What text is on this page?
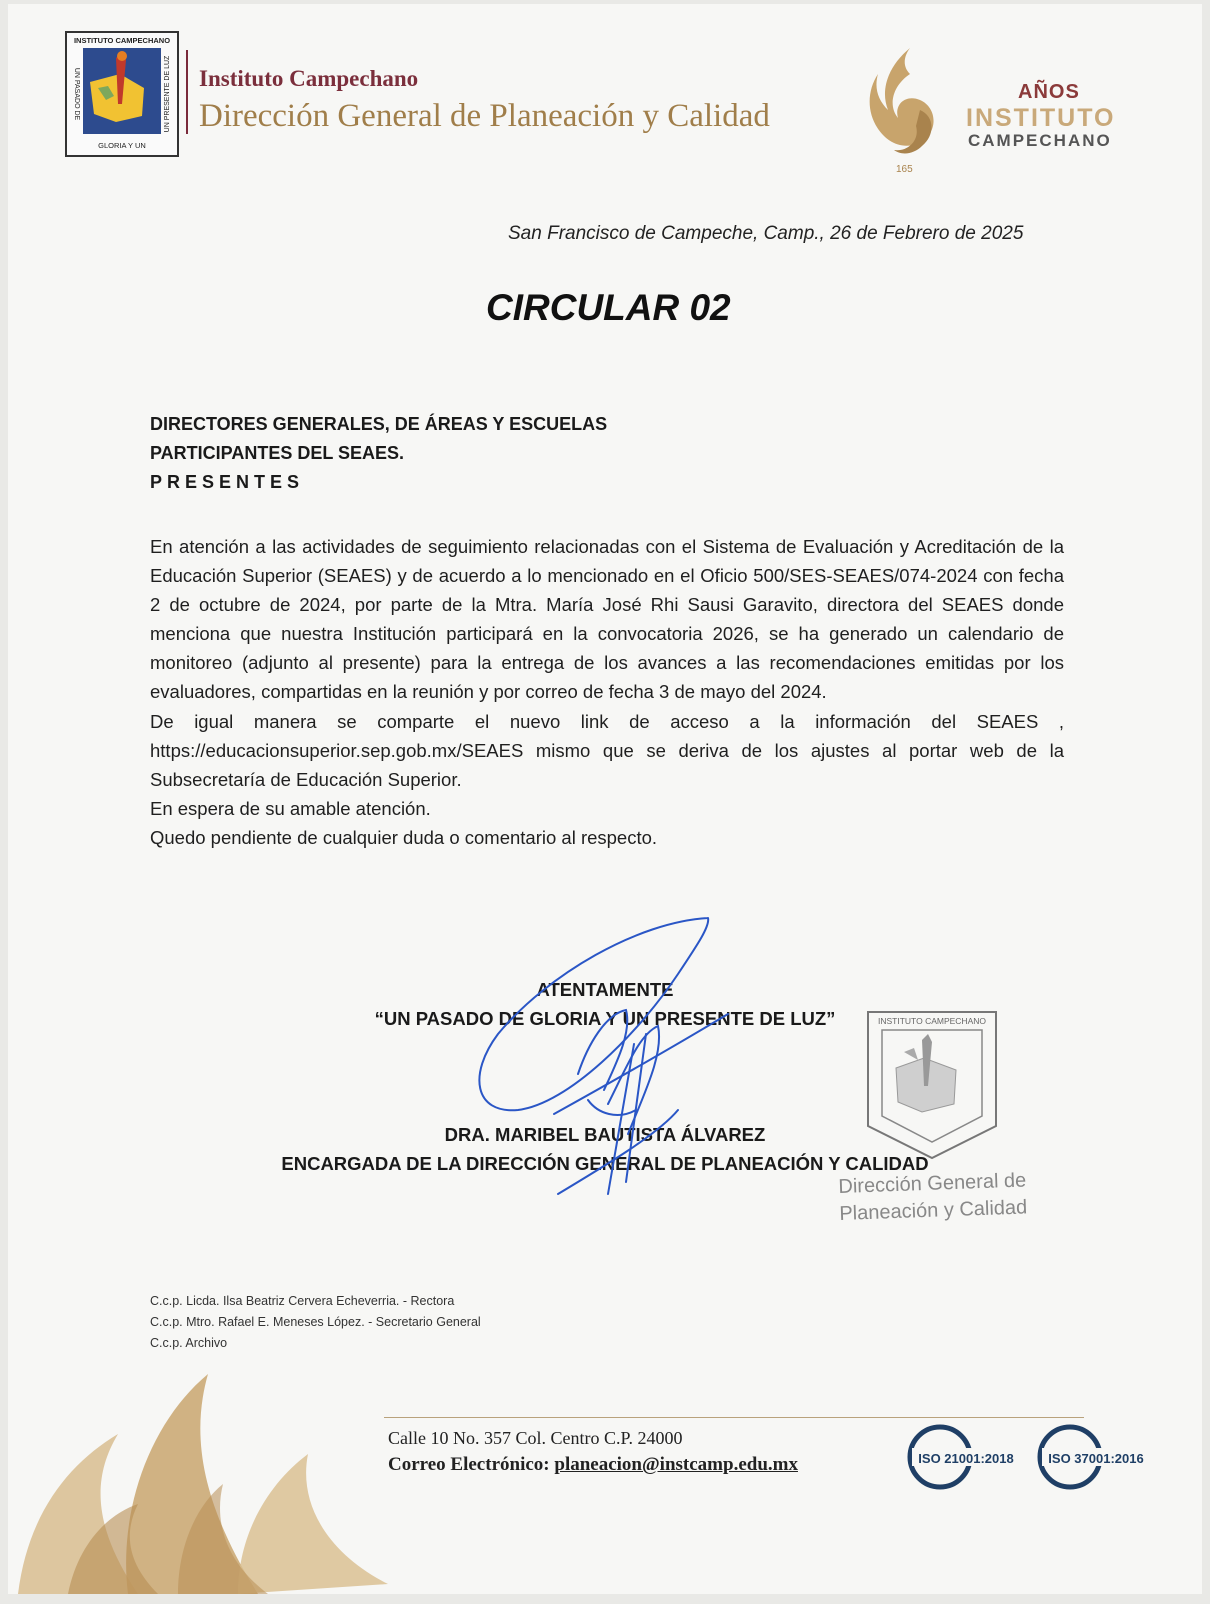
INSTITUTO CAMPECHANO
UN PASADO DE	UN PRESENTE DE LUZ
GLORIA Y UN
Instituto Campechano
Dirección General de Planeación y Calidad
165
AÑOS
INSTITUTO
CAMPECHANO
San Francisco de Campeche, Camp., 26 de Febrero de 2025
CIRCULAR 02
DIRECTORES GENERALES, DE ÁREAS Y ESCUELAS
PARTICIPANTES DEL SEAES.
PRESENTES

En atención a las actividades de seguimiento relacionadas con el Sistema de Evaluación y Acreditación de la Educación Superior (SEAES) y de acuerdo a lo mencionado en el Oficio 500/SES-SEAES/074-2024 con fecha 2 de octubre de 2024, por parte de la Mtra. María José Rhi Sausi Garavito, directora del SEAES donde menciona que nuestra Institución participará en la convocatoria 2026, se ha generado un calendario de monitoreo (adjunto al presente) para la entrega de los avances a las recomendaciones emitidas por los evaluadores, compartidas en la reunión y por correo de fecha 3 de mayo del 2024.

De igual manera se comparte el nuevo link de acceso a la información del SEAES , https://educacionsuperior.sep.gob.mx/SEAES mismo que se deriva de los ajustes al portar web de la Subsecretaría de Educación Superior.

En espera de su amable atención.

Quedo pendiente de cualquier duda o comentario al respecto.

ATENTAMENTE
“UN PASADO DE GLORIA Y UN PRESENTE DE LUZ”
DRA. MARIBEL BAUTISTA ÁLVAREZ
ENCARGADA DE LA DIRECCIÓN GENERAL DE PLANEACIÓN Y CALIDAD
INSTITUTO CAMPECHANO
Dirección General de
Planeación y Calidad
C.c.p. Licda. Ilsa Beatriz Cervera Echeverria. - Rectora
C.c.p. Mtro. Rafael E. Meneses López. - Secretario General
C.c.p. Archivo
Calle 10 No. 357 Col. Centro C.P. 24000
Correo Electrónico: planeacion@instcamp.edu.mx	ISO 21001:2018	ISO 37001:2016
